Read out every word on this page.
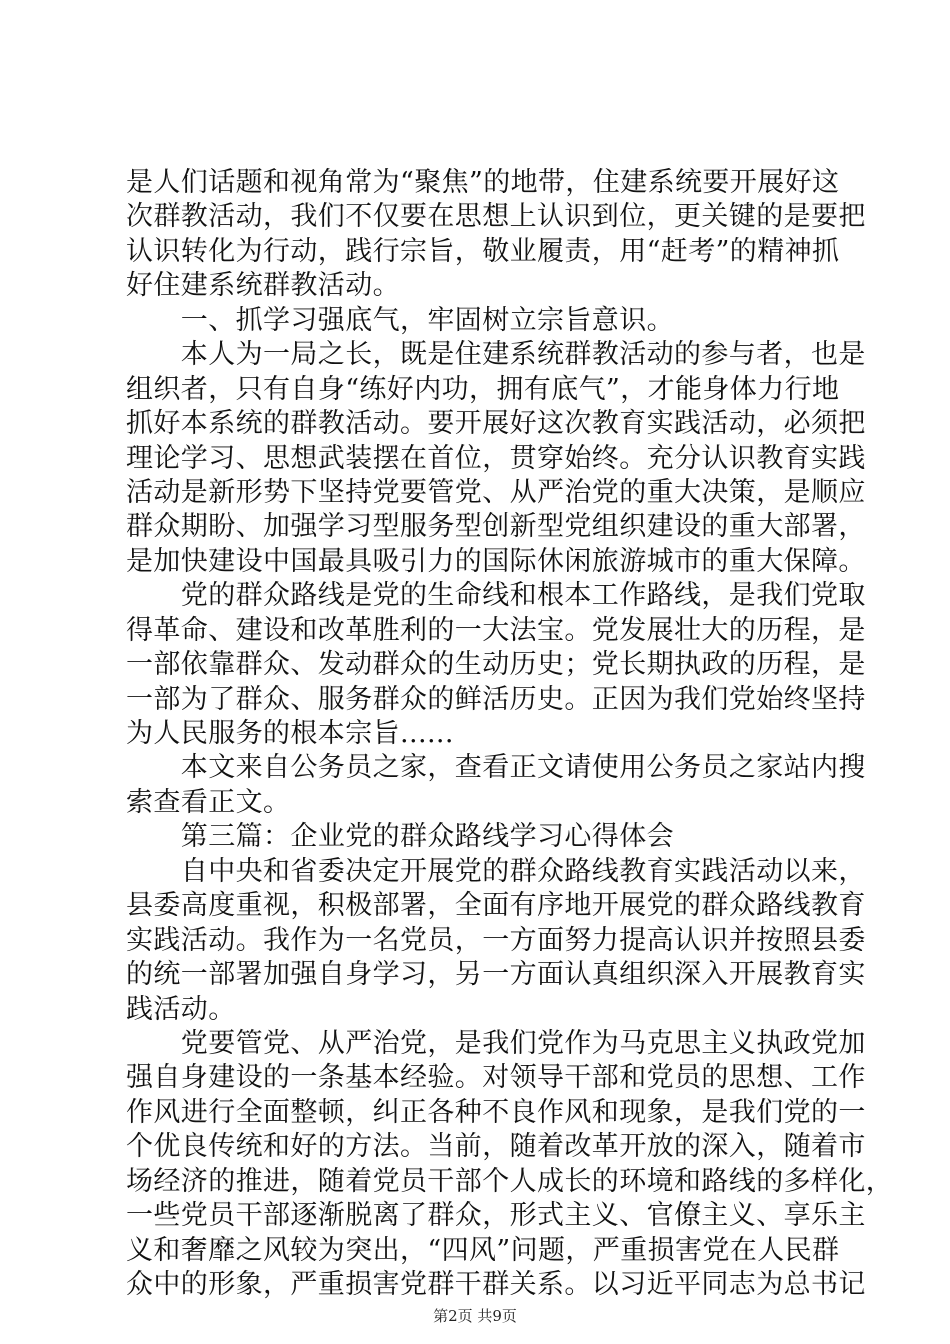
是人们话题和视角常为“聚焦”的地带，住建系统要开展好这
次群教活动，我们不仅要在思想上认识到位，更关键的是要把
认识转化为行动，践行宗旨，敬业履责，用“赶考”的精神抓
好住建系统群教活动。
　　一、抓学习强底气，牢固树立宗旨意识。
　　本人为一局之长，既是住建系统群教活动的参与者，也是
组织者，只有自身“练好内功，拥有底气”，才能身体力行地
抓好本系统的群教活动。要开展好这次教育实践活动，必须把
理论学习、思想武装摆在首位，贯穿始终。充分认识教育实践
活动是新形势下坚持党要管党、从严治党的重大决策，是顺应
群众期盼、加强学习型服务型创新型党组织建设的重大部署，
是加快建设中国最具吸引力的国际休闲旅游城市的重大保障。
　　党的群众路线是党的生命线和根本工作路线，是我们党取
得革命、建设和改革胜利的一大法宝。党发展壮大的历程，是
一部依靠群众、发动群众的生动历史；党长期执政的历程，是
一部为了群众、服务群众的鲜活历史。正因为我们党始终坚持
为人民服务的根本宗旨......
　　本文来自公务员之家，查看正文请使用公务员之家站内搜
索查看正文。
　　第三篇：企业党的群众路线学习心得体会
　　自中央和省委决定开展党的群众路线教育实践活动以来，
县委高度重视，积极部署，全面有序地开展党的群众路线教育
实践活动。我作为一名党员，一方面努力提高认识并按照县委
的统一部署加强自身学习，另一方面认真组织深入开展教育实
践活动。
　　党要管党、从严治党，是我们党作为马克思主义执政党加
强自身建设的一条基本经验。对领导干部和党员的思想、工作
作风进行全面整顿，纠正各种不良作风和现象，是我们党的一
个优良传统和好的方法。当前，随着改革开放的深入，随着市
场经济的推进，随着党员干部个人成长的环境和路线的多样化，
一些党员干部逐渐脱离了群众，形式主义、官僚主义、享乐主
义和奢靡之风较为突出，“四风”问题，严重损害党在人民群
众中的形象，严重损害党群干群关系。以习近平同志为总书记
第2页 共9页
